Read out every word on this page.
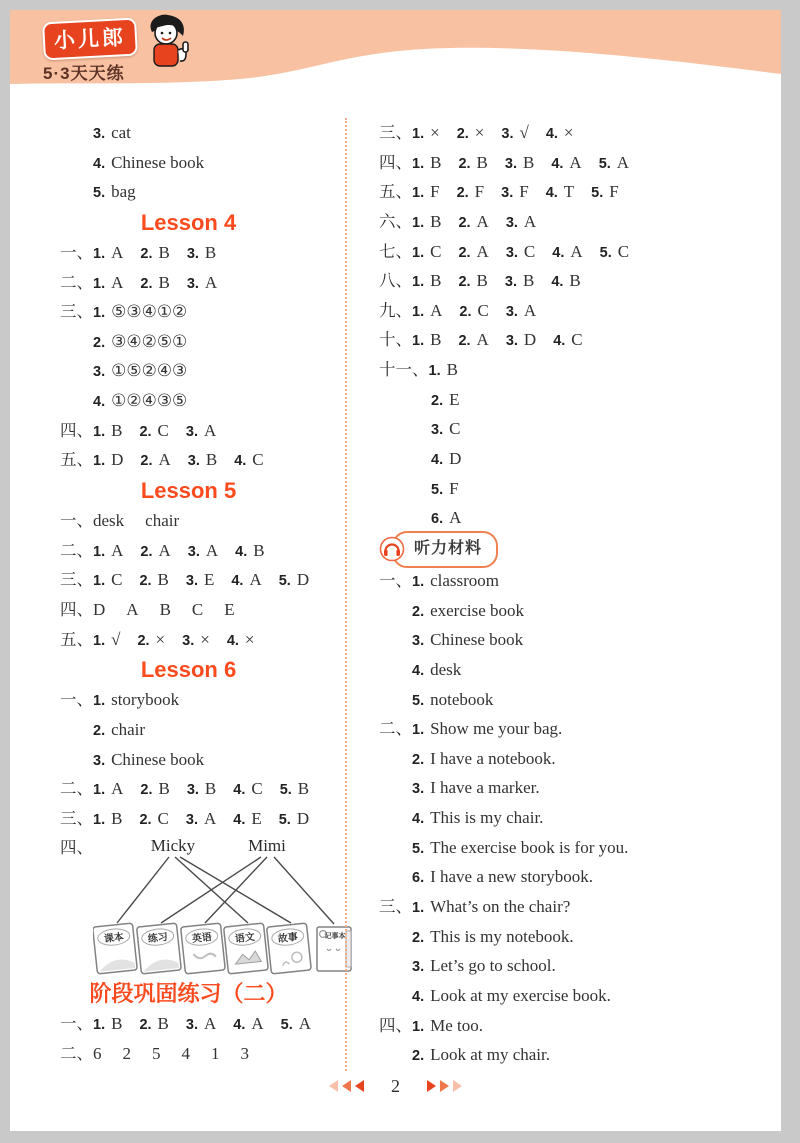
小儿郎
5·3天天练
3. cat
4. Chinese book
5. bag
Lesson 4
一、1. A 2. B 3. B
二、1. A 2. B 3. A
三、1. ⑤③④①②
2. ③④②⑤①
3. ①⑤②④③
4. ①②④③⑤
四、1. B 2. C 3. A
五、1. D 2. A 3. B 4. C
Lesson 5
一、desk chair
二、1. A 2. A 3. A 4. B
三、1. C 2. B 3. E 4. A 5. D
四、D A B C E
五、1. √ 2. × 3. × 4. ×
Lesson 6
一、1. storybook
2. chair
3. Chinese book
二、1. A 2. B 3. B 4. C 5. B
三、1. B 2. C 3. A 4. E 5. D
四、	Micky	Mimi
课本 练习 英语 语文 故事	记事本
阶段巩固练习（二）
一、1. B 2. B 3. A 4. A 5. A
二、6 2 5 4 1 3
三、1. × 2. × 3. √ 4. ×
四、1. B 2. B 3. B 4. A 5. A
五、1. F 2. F 3. F 4. T 5. F
六、1. B 2. A 3. A
七、1. C 2. A 3. C 4. A 5. C
八、1. B 2. B 3. B 4. B
九、1. A 2. C 3. A
十、1. B 2. A 3. D 4. C
十一、1. B
2. E
3. C
4. D
5. F
6. A
听力材料
一、1. classroom
2. exercise book
3. Chinese book
4. desk
5. notebook
二、1. Show me your bag.
2. I have a notebook.
3. I have a marker.
4. This is my chair.
5. The exercise book is for you.
6. I have a new storybook.
三、1. What’s on the chair?
2. This is my notebook.
3. Let’s go to school.
4. Look at my exercise book.
四、1. Me too.
2. Look at my chair.
2
